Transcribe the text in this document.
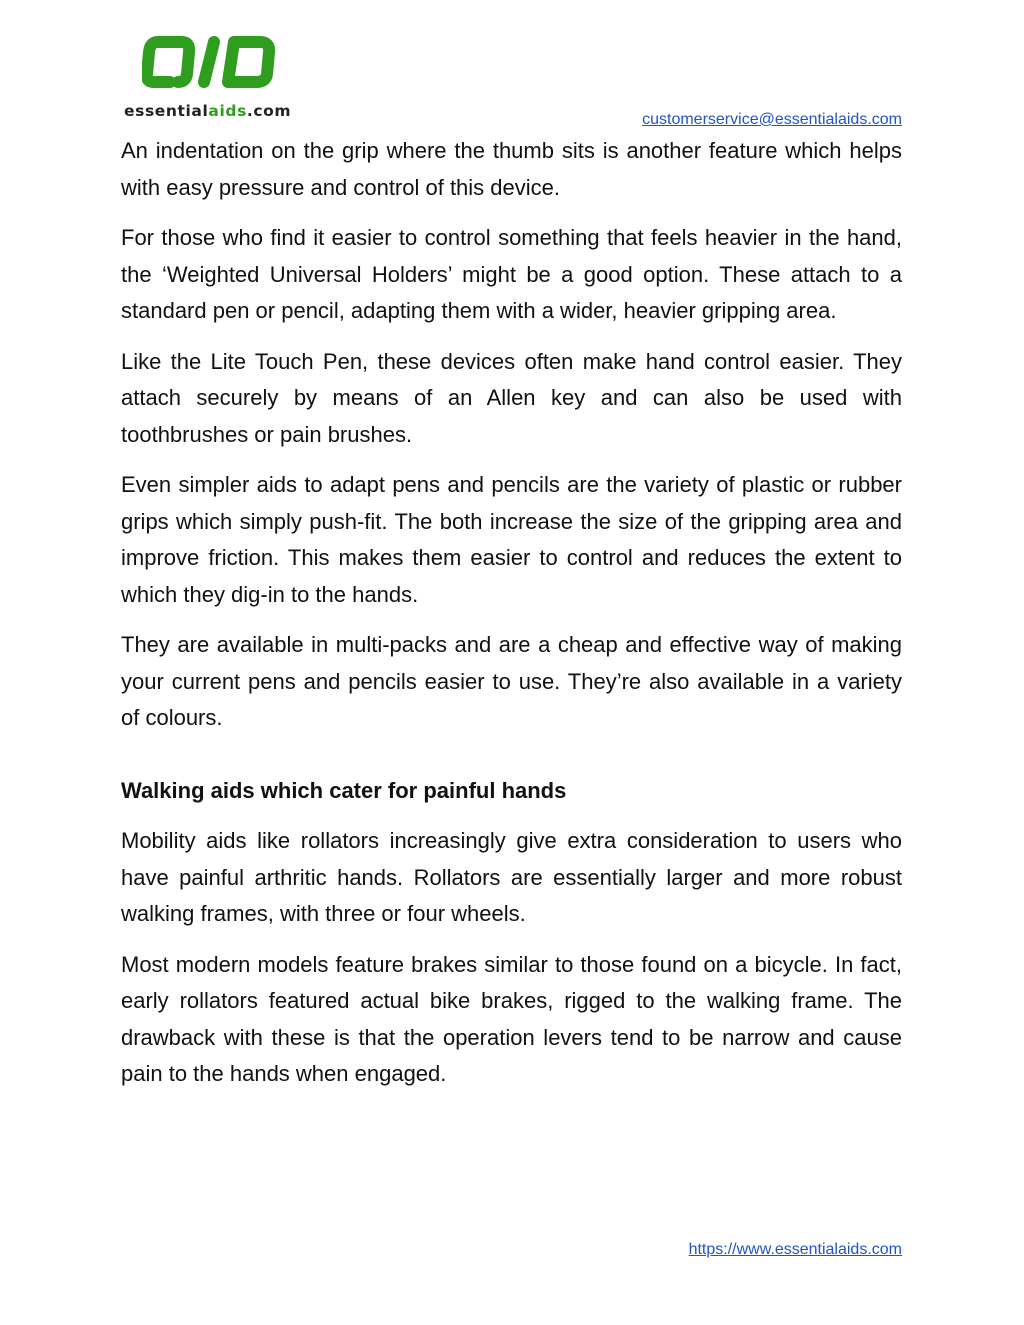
essentialaids.com	customerservice@essentialaids.com

An indentation on the grip where the thumb sits is another feature which helps with easy pressure and control of this device.

For those who find it easier to control something that feels heavier in the hand, the ‘Weighted Universal Holders’ might be a good option. These attach to a standard pen or pencil, adapting them with a wider, heavier gripping area.

Like the Lite Touch Pen, these devices often make hand control easier. They attach securely by means of an Allen key and can also be used with toothbrushes or pain brushes.

Even simpler aids to adapt pens and pencils are the variety of plastic or rubber grips which simply push-fit. The both increase the size of the gripping area and improve friction. This makes them easier to control and reduces the extent to which they dig-in to the hands.

They are available in multi-packs and are a cheap and effective way of making your current pens and pencils easier to use. They’re also available in a variety of colours.

Walking aids which cater for painful hands

Mobility aids like rollators increasingly give extra consideration to users who have painful arthritic hands. Rollators are essentially larger and more robust walking frames, with three or four wheels.

Most modern models feature brakes similar to those found on a bicycle. In fact, early rollators featured actual bike brakes, rigged to the walking frame. The drawback with these is that the operation levers tend to be narrow and cause pain to the hands when engaged.

https://www.essentialaids.com
